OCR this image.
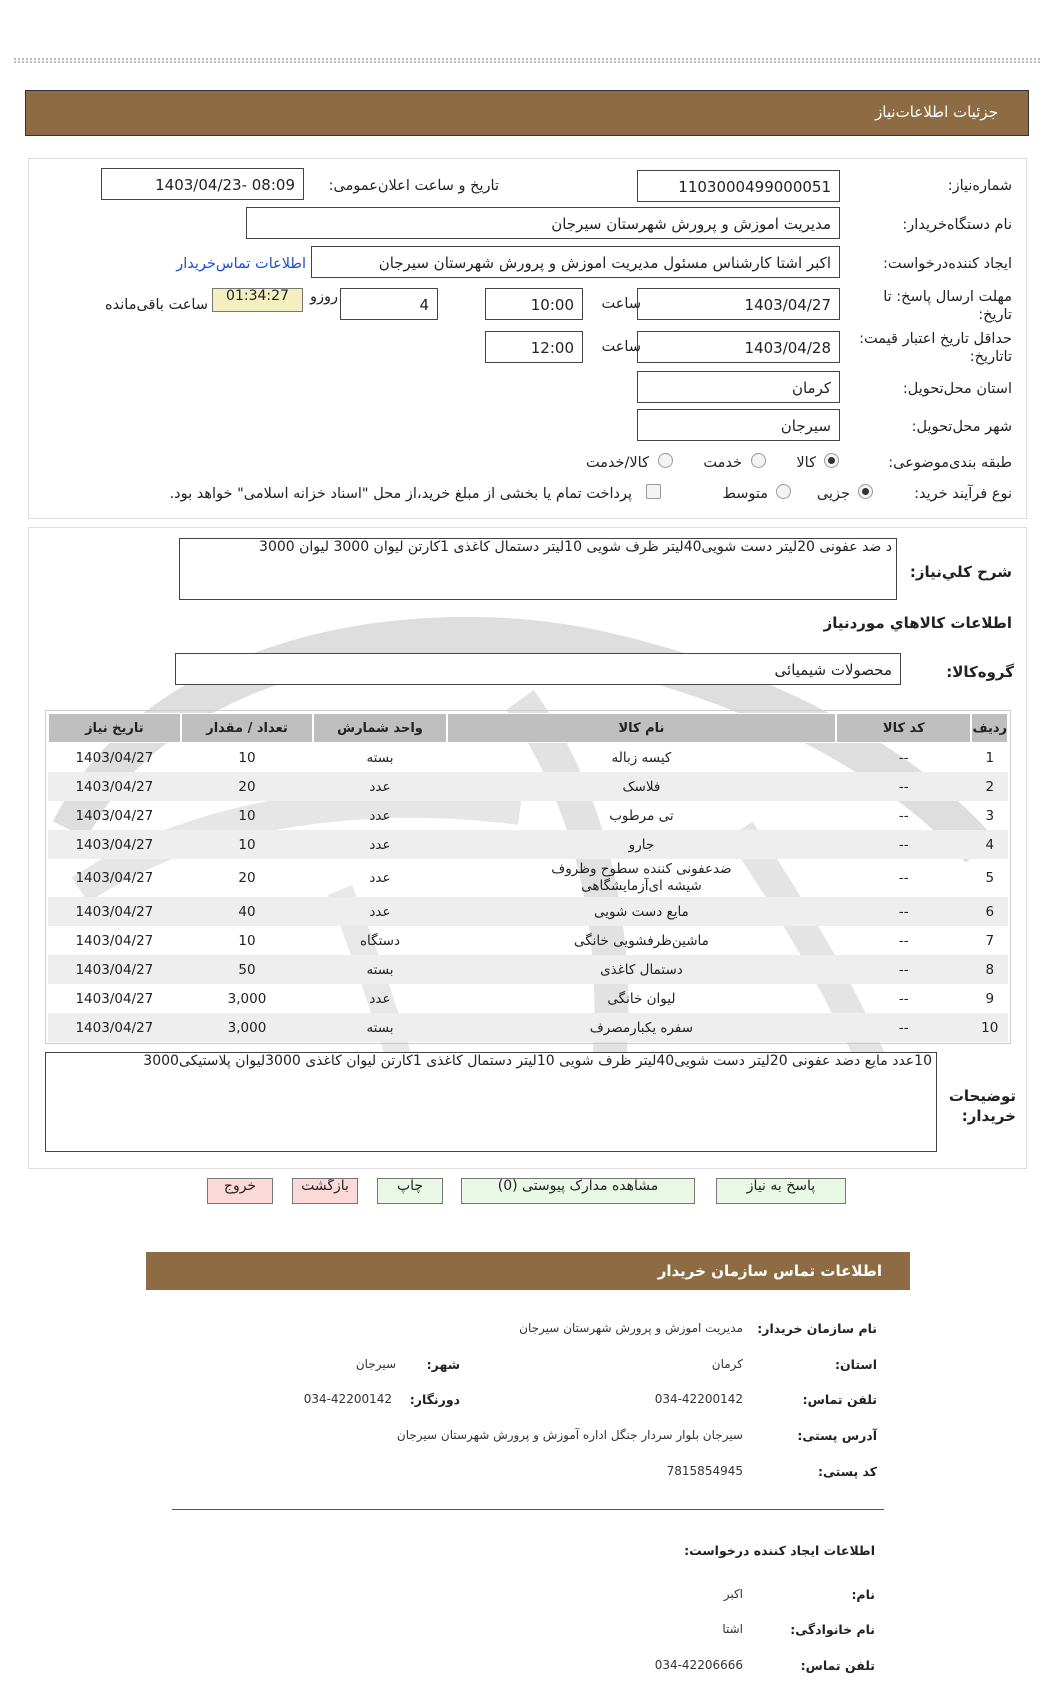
جزئیات اطلاعات‌نیاز
شماره‌نیاز:
1103000499000051
تاریخ و ساعت اعلان‌عمومی:
1403/04/23- 08:09
نام دستگاه‌خریدار:
مدیریت اموزش و پرورش شهرستان سیرجان
ایجاد کننده‌درخواست:
اکبر اشتا کارشناس مسئول مدیریت اموزش و پرورش شهرستان سیرجان
اطلاعات تماس‌خریدار
مهلت ارسال پاسخ: تا تاریخ:
1403/04/27
ساعت
10:00
4
روزو
01:34:27
ساعت باقی‌مانده
حداقل تاریخ اعتبار قیمت: تاتاریخ:
1403/04/28
ساعت
12:00
استان محل‌تحویل:
کرمان
شهر محل‌تحویل:
سیرجان
طبقه بندی‌موضوعی:
کالا
خدمت
کالا/خدمت
نوع فرآیند خرید:
جزیی
متوسط
پرداخت تمام یا بخشی از مبلغ خرید،از محل "اسناد خزانه اسلامی" خواهد بود.
شرح کلي‌نیاز:
د ضد عفونی 20لیتر دست شویی40لیتر ظرف شویی 10لیتر دستمال کاغذی 1کارتن لیوان 3000 لیوان 3000
اطلاعات کالاهاي موردنیاز
گروه‌کالا:
محصولات شیمیائی
ردیف	کد کالا	نام کالا	واحد شمارش	تعداد / مقدار	تاریخ نیاز
1	--	کیسه زباله	بسته	10	1403/04/27
2	--	فلاسک	عدد	20	1403/04/27
3	--	تی مرطوب	عدد	10	1403/04/27
4	--	جارو	عدد	10	1403/04/27
5	--	ضدعفونی کننده سطوح وظروف شیشه ای‌آزمایشگاهی	عدد	20	1403/04/27
6	--	مایع دست شویی	عدد	40	1403/04/27
7	--	ماشین‌ظرفشویی خانگی	دستگاه	10	1403/04/27
8	--	دستمال کاغذی	بسته	50	1403/04/27
9	--	لیوان خانگی	عدد	3,000	1403/04/27
10	--	سفره یکبارمصرف	بسته	3,000	1403/04/27
10عدد مایع دضد عفونی 20لیتر دست شویی40لیتر ظرف شویی 10لیتر دستمال کاغذی 1کارتن لیوان کاغذی 3000لیوان پلاستیکی3000
توضیحات خریدار:
پاسخ به نیاز
مشاهده مدارک پیوستی (0)
چاپ
بازگشت
خروج
اطلاعات تماس سازمان خریدار
نام سازمان خریدار:
مدیریت اموزش و پرورش شهرستان سیرجان
استان:
کرمان
شهر:
سیرجان
تلفن تماس:
034-42200142
دورنگار:
034-42200142
آدرس پستی:
سیرجان بلوار سردار جنگل اداره آموزش و پرورش شهرستان سیرجان
کد پستی:
7815854945
اطلاعات ایجاد کننده درخواست:
نام:
اکبر
نام خانوادگی:
اشتا
تلفن تماس:
034-42206666
